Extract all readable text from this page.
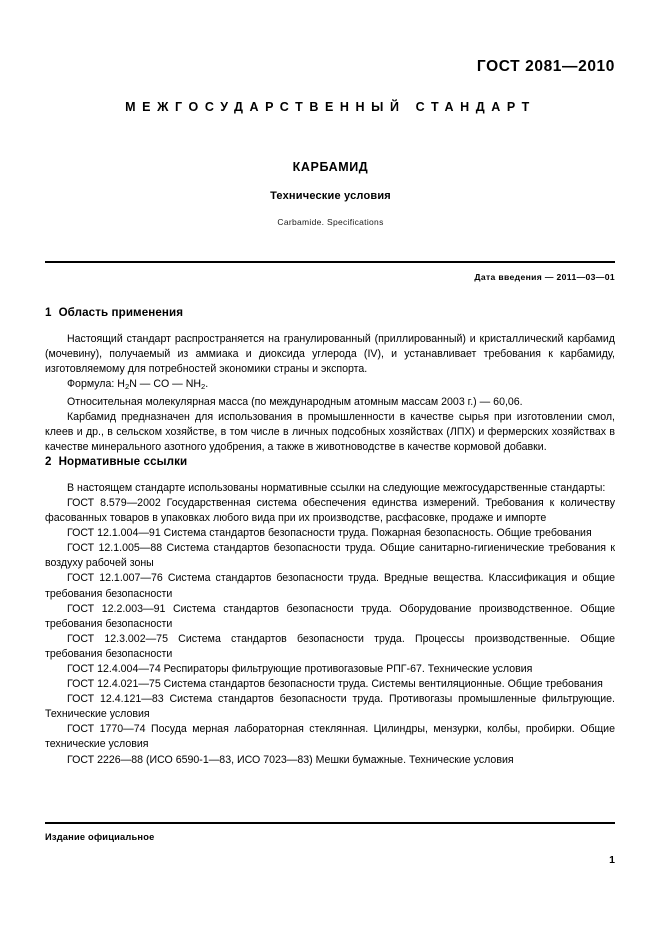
ГОСТ 2081—2010
МЕЖГОСУДАРСТВЕННЫЙ СТАНДАРТ
КАРБАМИД
Технические условия
Carbamide. Specifications
Дата введения — 2011—03—01
1 Область применения

Настоящий стандарт распространяется на гранулированный (приллированный) и кристаллический карбамид (мочевину), получаемый из аммиака и диоксида углерода (IV), и устанавливает требования к карбамиду, изготовляемому для потребностей экономики страны и экспорта.

Формула: $H_2N$ — CO — $NH_2$.

Относительная молекулярная масса (по международным атомным массам 2003 г.) — 60,06.

Карбамид предназначен для использования в промышленности в качестве сырья при изготовлении смол, клеев и др., в сельском хозяйстве, в том числе в личных подсобных хозяйствах (ЛПХ) и фермерских хозяйствах в качестве минерального азотного удобрения, а также в животноводстве в качестве кормовой добавки.

2 Нормативные ссылки

В настоящем стандарте использованы нормативные ссылки на следующие межгосударственные стандарты:

ГОСТ 8.579—2002 Государственная система обеспечения единства измерений. Требования к количеству фасованных товаров в упаковках любого вида при их производстве, расфасовке, продаже и импорте

ГОСТ 12.1.004—91 Система стандартов безопасности труда. Пожарная безопасность. Общие требования

ГОСТ 12.1.005—88 Система стандартов безопасности труда. Общие санитарно-гигиенические требования к воздуху рабочей зоны

ГОСТ 12.1.007—76 Система стандартов безопасности труда. Вредные вещества. Классификация и общие требования безопасности

ГОСТ 12.2.003—91 Система стандартов безопасности труда. Оборудование производственное. Общие требования безопасности

ГОСТ 12.3.002—75 Система стандартов безопасности труда. Процессы производственные. Общие требования безопасности

ГОСТ 12.4.004—74 Респираторы фильтрующие противогазовые РПГ-67. Технические условия

ГОСТ 12.4.021—75 Система стандартов безопасности труда. Системы вентиляционные. Общие требования

ГОСТ 12.4.121—83 Система стандартов безопасности труда. Противогазы промышленные фильтрующие. Технические условия

ГОСТ 1770—74 Посуда мерная лабораторная стеклянная. Цилиндры, мензурки, колбы, пробирки. Общие технические условия

ГОСТ 2226—88 (ИСО 6590-1—83, ИСО 7023—83) Мешки бумажные. Технические условия

Издание официальное
1
